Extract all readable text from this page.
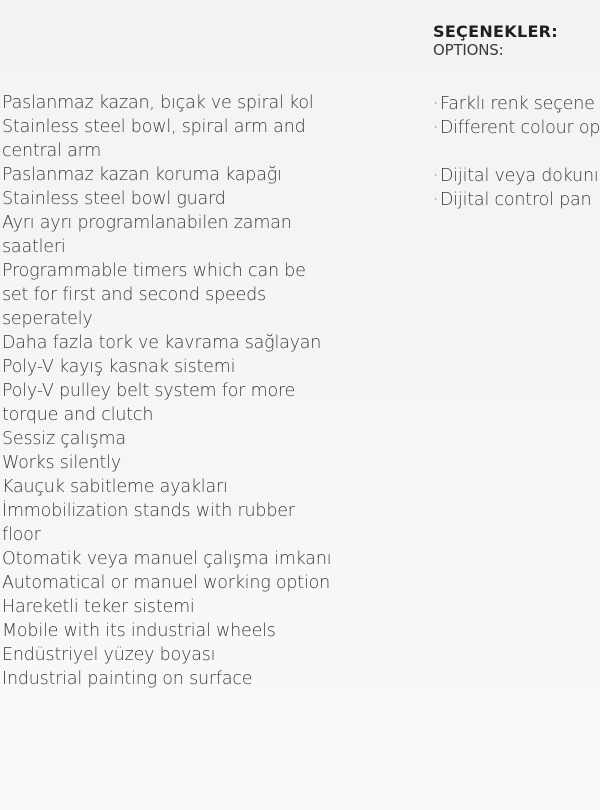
Paslanmaz kazan, bıçak ve spiral kol
Stainless steel bowl, spiral arm and central arm
Paslanmaz kazan koruma kapağı
Stainless steel bowl guard
Ayrı ayrı programlanabilen zaman saatleri
Programmable timers which can be set for first and second speeds seperately
Daha fazla tork ve kavrama sağlayan Poly-V kayış kasnak sistemi
Poly-V pulley belt system for more torque and clutch
Sessiz çalışma
Works silently
Kauçuk sabitleme ayakları
İmmobilization stands with rubber floor
Otomatik veya manuel çalışma imkanı
Automatical or manuel working option
Hareketli teker sistemi
Mobile with its industrial wheels
Endüstriyel yüzey boyası
Industrial painting on surface
SEÇENEKLER:
OPTIONS:
·Farklı renk seçene
·Different colour op
·Dijital veya dokunı
·Dijital control pan
